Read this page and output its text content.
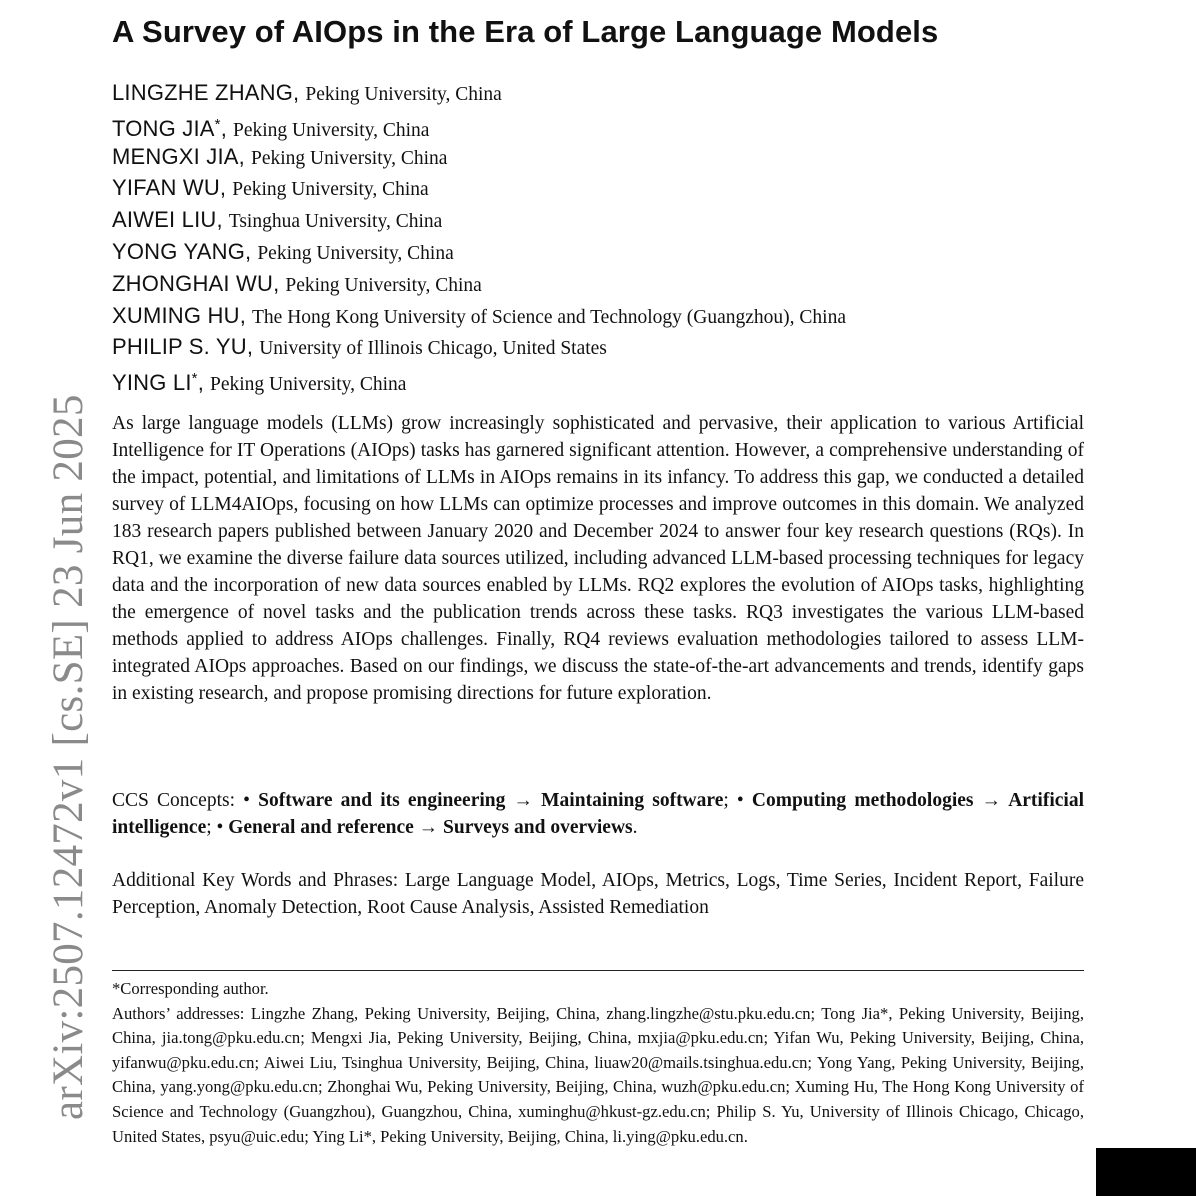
arXiv:2507.12472v1 [cs.SE] 23 Jun 2025
A Survey of AIOps in the Era of Large Language Models
LINGZHE ZHANG, Peking University, China
TONG JIA*, Peking University, China
MENGXI JIA, Peking University, China
YIFAN WU, Peking University, China
AIWEI LIU, Tsinghua University, China
YONG YANG, Peking University, China
ZHONGHAI WU, Peking University, China
XUMING HU, The Hong Kong University of Science and Technology (Guangzhou), China
PHILIP S. YU, University of Illinois Chicago, United States
YING LI*, Peking University, China

As large language models (LLMs) grow increasingly sophisticated and pervasive, their application to various Artificial Intelligence for IT Operations (AIOps) tasks has garnered significant attention. However, a comprehensive understanding of the impact, potential, and limitations of LLMs in AIOps remains in its infancy. To address this gap, we conducted a detailed survey of LLM4AIOps, focusing on how LLMs can optimize processes and improve outcomes in this domain. We analyzed 183 research papers published between January 2020 and December 2024 to answer four key research questions (RQs). In RQ1, we examine the diverse failure data sources utilized, including advanced LLM-based processing techniques for legacy data and the incorporation of new data sources enabled by LLMs. RQ2 explores the evolution of AIOps tasks, highlighting the emergence of novel tasks and the publication trends across these tasks. RQ3 investigates the various LLM-based methods applied to address AIOps challenges. Finally, RQ4 reviews evaluation methodologies tailored to assess LLM-integrated AIOps approaches. Based on our findings, we discuss the state-of-the-art advancements and trends, identify gaps in existing research, and propose promising directions for future exploration.

CCS Concepts: • Software and its engineering → Maintaining software; • Computing methodologies → Artificial intelligence; • General and reference → Surveys and overviews.

Additional Key Words and Phrases: Large Language Model, AIOps, Metrics, Logs, Time Series, Incident Report, Failure Perception, Anomaly Detection, Root Cause Analysis, Assisted Remediation

*Corresponding author.

Authors’ addresses: Lingzhe Zhang, Peking University, Beijing, China, zhang.lingzhe@stu.pku.edu.cn; Tong Jia*, Peking University, Beijing, China, jia.tong@pku.edu.cn; Mengxi Jia, Peking University, Beijing, China, mxjia@pku.edu.cn; Yifan Wu, Peking University, Beijing, China, yifanwu@pku.edu.cn; Aiwei Liu, Tsinghua University, Beijing, China, liuaw20@mails.​tsinghua.edu.cn; Yong Yang, Peking University, Beijing, China, yang.yong@pku.edu.cn; Zhonghai Wu, Peking University, Beijing, China, wuzh@pku.edu.cn; Xuming Hu, The Hong Kong University of Science and Technology (Guangzhou), Guangzhou, China, xuminghu@hkust-gz.edu.cn; Philip S. Yu, University of Illinois Chicago, Chicago, United States, psyu@uic.edu; Ying Li*, Peking University, Beijing, China, li.ying@pku.edu.cn.
